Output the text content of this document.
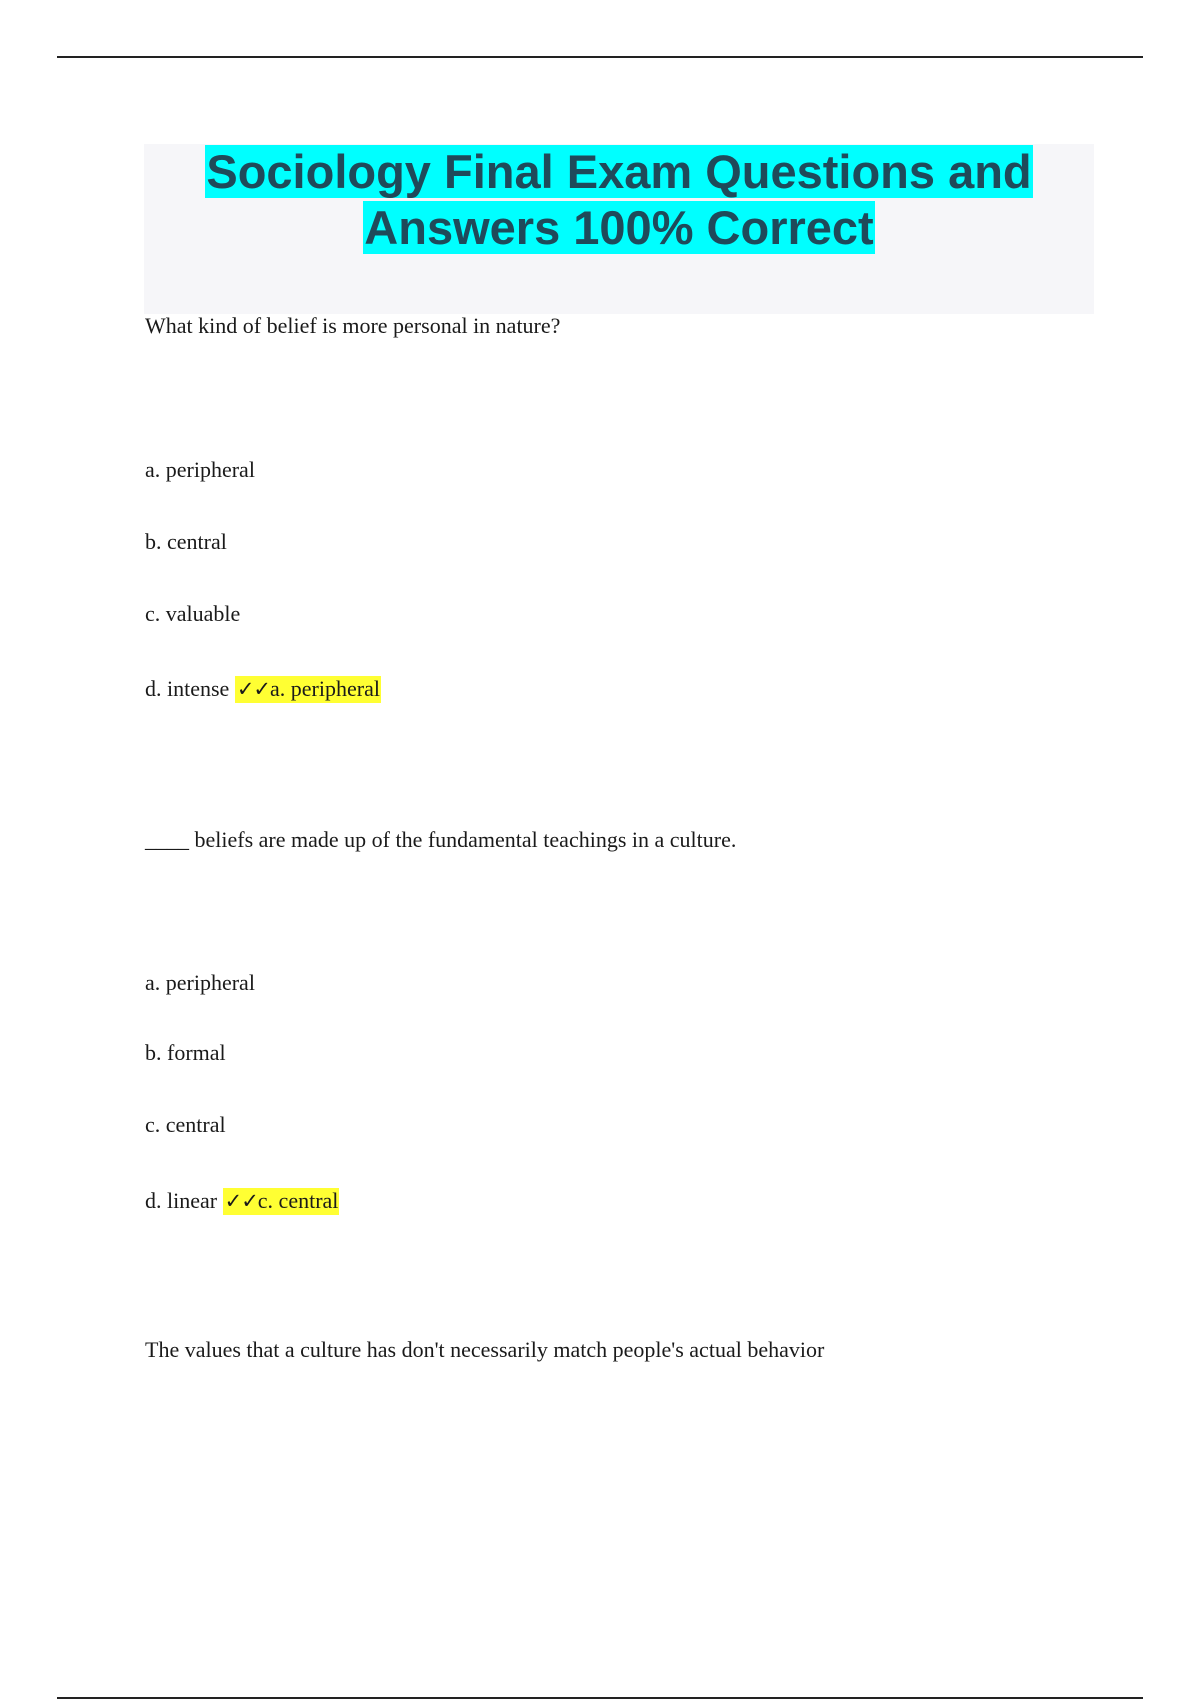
Sociology Final Exam Questions and Answers 100% Correct
What kind of belief is more personal in nature?
a. peripheral
b. central
c. valuable
d. intense ✓✓a. peripheral
____ beliefs are made up of the fundamental teachings in a culture.
a. peripheral
b. formal
c. central
d. linear ✓✓c. central
The values that a culture has don't necessarily match people's actual behavior
